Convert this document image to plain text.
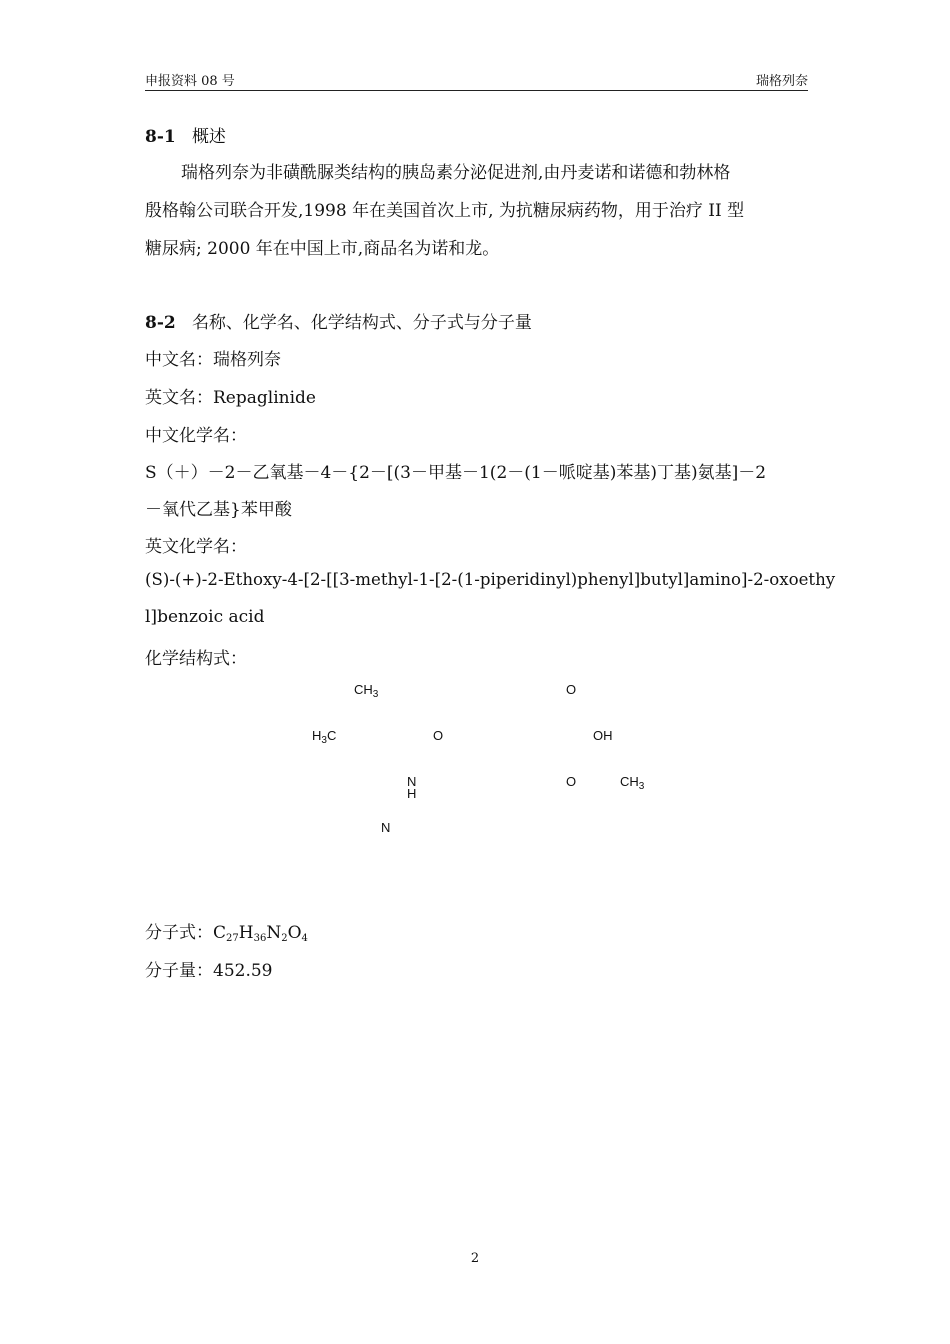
申报资料 08 号	瑞格列奈
8-1 概述
瑞格列奈为非磺酰脲类结构的胰岛素分泌促进剂,由丹麦诺和诺德和勃林格
殷格翰公司联合开发,1998 年在美国首次上市, 为抗糖尿病药物，用于治疗 II 型
糖尿病; 2000 年在中国上市,商品名为诺和龙。
8-2 名称、化学名、化学结构式、分子式与分子量
中文名：瑞格列奈
英文名：Repaglinide
中文化学名：
S（＋）－2－乙氧基－4－{2－[(3－甲基－1(2－(1－哌啶基)苯基)丁基)氨基]－2
－氧代乙基}苯甲酸
英文化学名：
(S)-(+)-2-Ethoxy-4-[2-[[3-methyl-1-[2-(1-piperidinyl)phenyl]butyl]amino]-2-oxoethy
l]benzoic acid
化学结构式：
分子式：$C_{27}H_{36}N_2O_4$
分子量：452.59
$CH_3$	O
$H_3C$	O	OH
N
H
O	$CH_3$
N
2
